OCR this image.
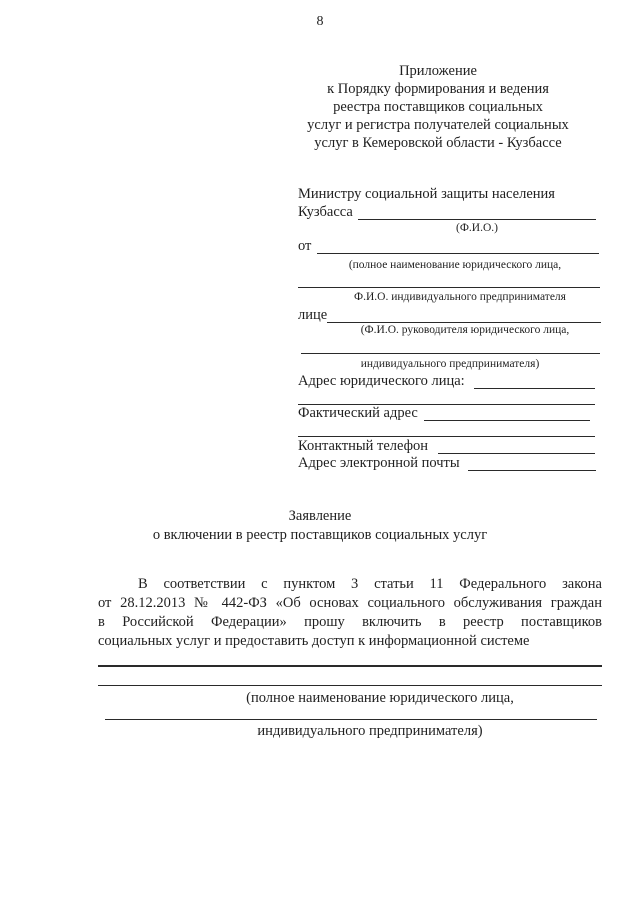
8
Приложение
к Порядку формирования и ведения
реестра поставщиков социальных
услуг и регистра получателей социальных
услуг в Кемеровской области - Кузбассе
Министру социальной защиты населения
Кузбасса
(Ф.И.О.)
от
(полное наименование юридического лица,
Ф.И.О. индивидуального предпринимателя
лице
(Ф.И.О. руководителя юридического лица,
индивидуального предпринимателя)
Адрес юридического лица:
Фактический адрес
Контактный телефон
Адрес электронной почты
Заявление
о включении в реестр поставщиков социальных услуг
В соответствии с пунктом 3 статьи 11 Федерального закона
от 28.12.2013 № 442-ФЗ «Об основах социального обслуживания граждан
в Российской Федерации» прошу включить в реестр поставщиков
социальных услуг и предоставить доступ к информационной системе
(полное наименование юридического лица,
индивидуального предпринимателя)
